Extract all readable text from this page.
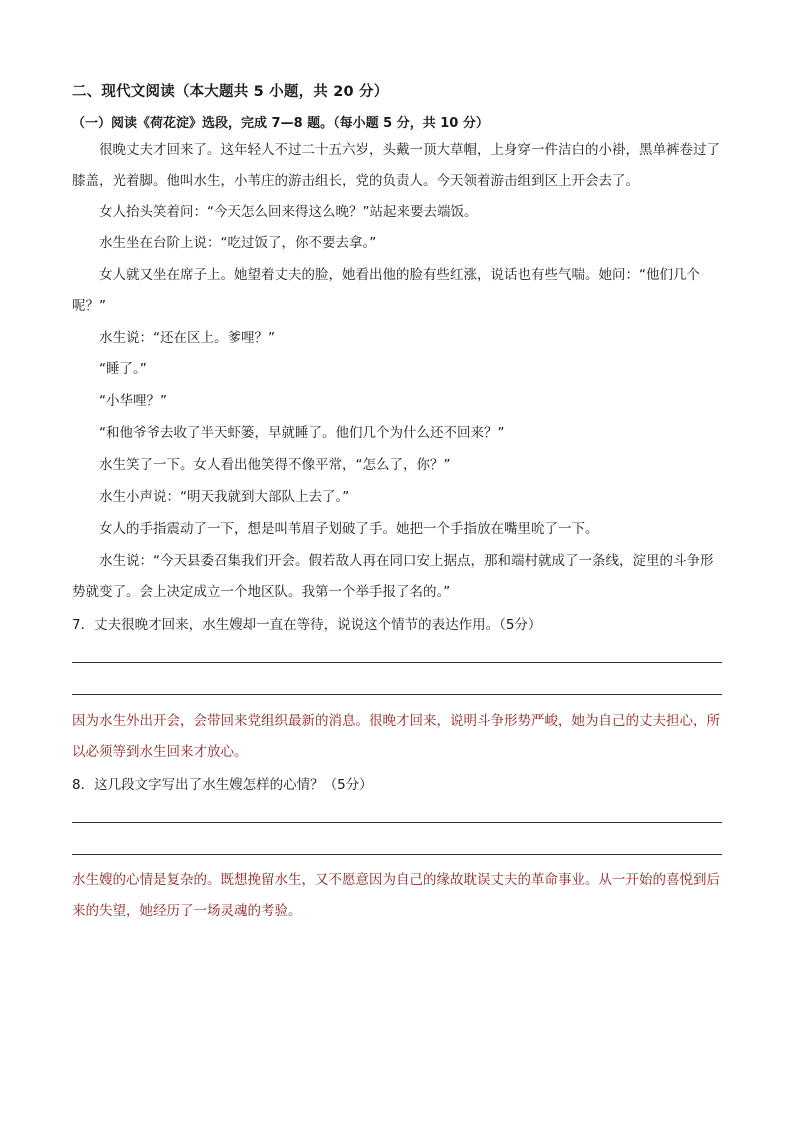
二、现代文阅读（本大题共 5 小题，共 20 分）
（一）阅读《荷花淀》选段，完成 7—8 题。（每小题 5 分，共 10 分）

很晚丈夫才回来了。这年轻人不过二十五六岁，头戴一顶大草帽，上身穿一件洁白的小褂，黑单裤卷过了膝盖，光着脚。他叫水生，小苇庄的游击组长，党的负责人。今天领着游击组到区上开会去了。

女人抬头笑着问：“今天怎么回来得这么晚？”站起来要去端饭。

水生坐在台阶上说：“吃过饭了，你不要去拿。”

女人就又坐在席子上。她望着丈夫的脸，她看出他的脸有些红涨，说话也有些气喘。她问：“他们几个呢？”

水生说：“还在区上。爹哩？”

“睡了。”

“小华哩？”

“和他爷爷去收了半天虾篓，早就睡了。他们几个为什么还不回来？”

水生笑了一下。女人看出他笑得不像平常，“怎么了，你？”

水生小声说：“明天我就到大部队上去了。”

女人的手指震动了一下，想是叫苇眉子划破了手。她把一个手指放在嘴里吮了一下。

水生说：“今天县委召集我们开会。假若敌人再在同口安上据点，那和端村就成了一条线，淀里的斗争形势就变了。会上决定成立一个地区队。我第一个举手报了名的。”

7．丈夫很晚才回来，水生嫂却一直在等待，说说这个情节的表达作用。（5分）

因为水生外出开会，会带回来党组织最新的消息。很晚才回来，说明斗争形势严峻，她为自己的丈夫担心，所以必须等到水生回来才放心。

8．这几段文字写出了水生嫂怎样的心情？（5分）

水生嫂的心情是复杂的。既想挽留水生，又不愿意因为自己的缘故耽误丈夫的革命事业。从一开始的喜悦到后来的失望，她经历了一场灵魂的考验。
